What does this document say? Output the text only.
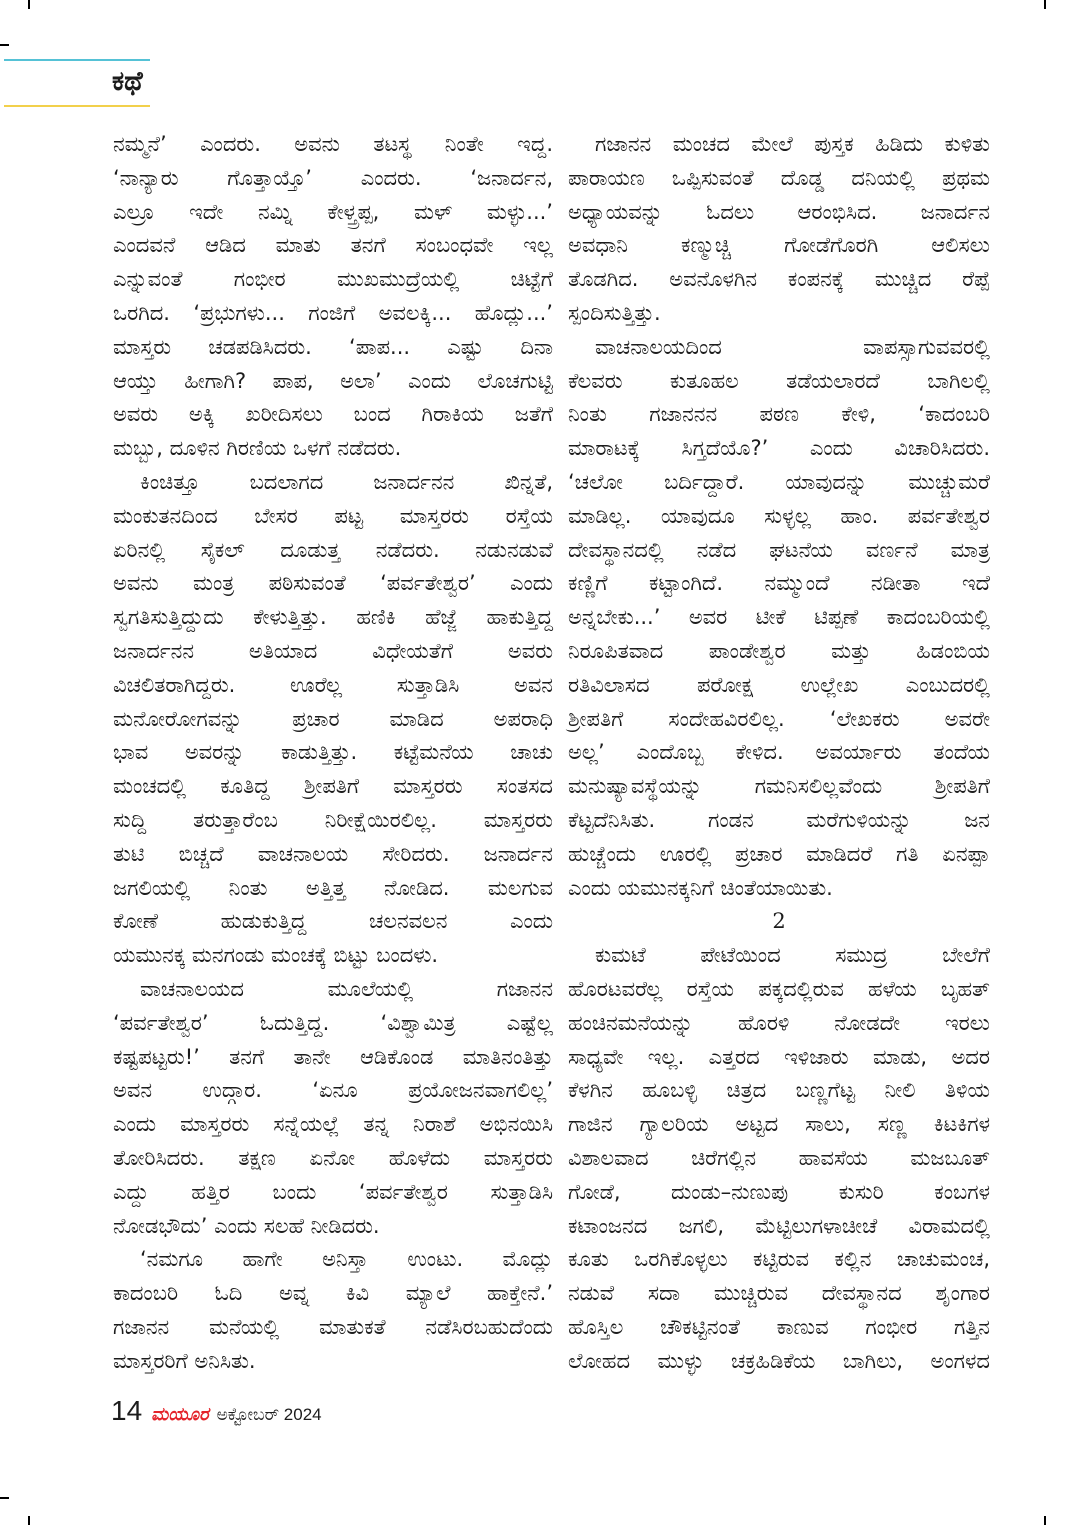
ಕಥೆ
ನಮ್ಮನೆ’ ಎಂದರು. ಅವನು ತಟಸ್ಥ ನಿಂತೇ ಇದ್ದ.
‘ನಾನ್ಯಾರು ಗೊತ್ತಾಯ್ತೊ’ ಎಂದರು. ‘ಜನಾರ್ದನ,
ಎಲ್ರೂ ಇದೇ ನಮ್ನಿ ಕೇಳ್ತ್ರಪ್ಪ, ಮಳ್ ಮಳ್ಳು...’
ಎಂದವನೆ ಆಡಿದ ಮಾತು ತನಗೆ ಸಂಬಂಧವೇ ಇಲ್ಲ
ಎನ್ನುವಂತೆ ಗಂಭೀರ ಮುಖಮುದ್ರೆಯಲ್ಲಿ ಚಿಟ್ಟೆಗೆ
ಒರಗಿದ. ‘ಪ್ರಭುಗಳು... ಗಂಜಿಗೆ ಅವಲಕ್ಕಿ... ಹೊದ್ಲು...’
ಮಾಸ್ತರು ಚಡಪಡಿಸಿದರು. ‘ಪಾಪ... ಎಷ್ಟು ದಿನಾ
ಆಯ್ತು ಹೀಗಾಗಿ? ಪಾಪ, ಅಲಾ’ ಎಂದು ಲೊಚಗುಟ್ಟಿ
ಅವರು ಅಕ್ಕಿ ಖರೀದಿಸಲು ಬಂದ ಗಿರಾಕಿಯ ಜತೆಗೆ
ಮಬ್ಬು, ದೂಳಿನ ಗಿರಣಿಯ ಒಳಗೆ ನಡೆದರು.
ಕಿಂಚಿತ್ತೂ ಬದಲಾಗದ ಜನಾರ್ದನನ ಖಿನ್ನತೆ,
ಮಂಕುತನದಿಂದ ಬೇಸರ ಪಟ್ಟ ಮಾಸ್ತರರು ರಸ್ತೆಯ
ಏರಿನಲ್ಲಿ ಸೈಕಲ್ ದೂಡುತ್ತ ನಡೆದರು. ನಡುನಡುವೆ
ಅವನು ಮಂತ್ರ ಪಠಿಸುವಂತೆ ‘ಪರ್ವತೇಶ್ವರ’ ಎಂದು
ಸ್ವಗತಿಸುತ್ತಿದ್ದುದು ಕೇಳುತ್ತಿತ್ತು. ಹಣಿಕಿ ಹೆಜ್ಜೆ ಹಾಕುತ್ತಿದ್ದ
ಜನಾರ್ದನನ ಅತಿಯಾದ ವಿಧೇಯತೆಗೆ ಅವರು
ವಿಚಲಿತರಾಗಿದ್ದರು. ಊರೆಲ್ಲ ಸುತ್ತಾಡಿಸಿ ಅವನ
ಮನೋರೋಗವನ್ನು ಪ್ರಚಾರ ಮಾಡಿದ ಅಪರಾಧಿ
ಭಾವ ಅವರನ್ನು ಕಾಡುತ್ತಿತ್ತು. ಕಟ್ಟೆಮನೆಯ ಚಾಚು
ಮಂಚದಲ್ಲಿ ಕೂತಿದ್ದ ಶ್ರೀಪತಿಗೆ ಮಾಸ್ತರರು ಸಂತಸದ
ಸುದ್ದಿ ತರುತ್ತಾರೆಂಬ ನಿರೀಕ್ಷೆಯಿರಲಿಲ್ಲ. ಮಾಸ್ತರರು
ತುಟಿ ಬಿಚ್ಚದೆ ವಾಚನಾಲಯ ಸೇರಿದರು. ಜನಾರ್ದನ
ಜಗಲಿಯಲ್ಲಿ ನಿಂತು ಅತ್ತಿತ್ತ ನೋಡಿದ. ಮಲಗುವ
ಕೋಣೆ ಹುಡುಕುತ್ತಿದ್ದ ಚಲನವಲನ ಎಂದು
ಯಮುನಕ್ಕ ಮನಗಂಡು ಮಂಚಕ್ಕೆ ಬಿಟ್ಟು ಬಂದಳು.
ವಾಚನಾಲಯದ ಮೂಲೆಯಲ್ಲಿ ಗಜಾನನ
‘ಪರ್ವತೇಶ್ವರ’ ಓದುತ್ತಿದ್ದ. ‘ವಿಶ್ವಾಮಿತ್ರ ಎಷ್ಟೆಲ್ಲ
ಕಷ್ಟಪಟ್ಟರು!’ ತನಗೆ ತಾನೇ ಆಡಿಕೊಂಡ ಮಾತಿನಂತಿತ್ತು
ಅವನ ಉದ್ಗಾರ. ‘ಏನೂ ಪ್ರಯೋಜನವಾಗಲಿಲ್ಲ’
ಎಂದು ಮಾಸ್ತರರು ಸನ್ನೆಯಲ್ಲೆ ತನ್ನ ನಿರಾಶೆ ಅಭಿನಯಿಸಿ
ತೋರಿಸಿದರು. ತಕ್ಷಣ ಏನೋ ಹೊಳೆದು ಮಾಸ್ತರರು
ಎದ್ದು ಹತ್ತಿರ ಬಂದು ‘ಪರ್ವತೇಶ್ವರ ಸುತ್ತಾಡಿಸಿ
ನೋಡಭೌದು’ ಎಂದು ಸಲಹೆ ನೀಡಿದರು.
‘ನಮಗೂ ಹಾಗೇ ಅನಿಸ್ತಾ ಉಂಟು. ಮೊದ್ಲು
ಕಾದಂಬರಿ ಓದಿ ಅವ್ನ ಕಿವಿ ಮ್ಯಾಲೆ ಹಾಕ್ತೇನೆ.’
ಗಜಾನನ ಮನೆಯಲ್ಲಿ ಮಾತುಕತೆ ನಡೆಸಿರಬಹುದೆಂದು
ಮಾಸ್ತರರಿಗೆ ಅನಿಸಿತು.
ಗಜಾನನ ಮಂಚದ ಮೇಲೆ ಪುಸ್ತಕ ಹಿಡಿದು ಕುಳಿತು
ಪಾರಾಯಣ ಒಪ್ಪಿಸುವಂತೆ ದೊಡ್ಡ ದನಿಯಲ್ಲಿ ಪ್ರಥಮ
ಅಧ್ಯಾಯವನ್ನು ಓದಲು ಆರಂಭಿಸಿದ. ಜನಾರ್ದನ
ಅವಧಾನಿ ಕಣ್ಮುಚ್ಚಿ ಗೋಡೆಗೊರಗಿ ಆಲಿಸಲು
ತೊಡಗಿದ. ಅವನೊಳಗಿನ ಕಂಪನಕ್ಕೆ ಮುಚ್ಚಿದ ರೆಪ್ಪೆ
ಸ್ಪಂದಿಸುತ್ತಿತ್ತು.
ವಾಚನಾಲಯದಿಂದ ವಾಪಸ್ಸಾಗುವವರಲ್ಲಿ
ಕೆಲವರು ಕುತೂಹಲ ತಡೆಯಲಾರದೆ ಬಾಗಿಲಲ್ಲಿ
ನಿಂತು ಗಜಾನನನ ಪಠಣ ಕೇಳಿ, ‘ಕಾದಂಬರಿ
ಮಾರಾಟಕ್ಕೆ ಸಿಗ್ತದೆಯೊ?’ ಎಂದು ವಿಚಾರಿಸಿದರು.
‘ಚಲೋ ಬರ್ದಿದ್ದಾರೆ. ಯಾವುದನ್ನು ಮುಚ್ಚುಮರೆ
ಮಾಡಿಲ್ಲ. ಯಾವುದೂ ಸುಳ್ಳಲ್ಲ ಹಾಂ. ಪರ್ವತೇಶ್ವರ
ದೇವಸ್ಥಾನದಲ್ಲಿ ನಡೆದ ಘಟನೆಯ ವರ್ಣನೆ ಮಾತ್ರ
ಕಣ್ಣಿಗೆ ಕಟ್ಟಾಂಗಿದೆ. ನಮ್ಮುಂದೆ ನಡೀತಾ ಇದೆ
ಅನ್ನಬೇಕು...’ ಅವರ ಟೀಕೆ ಟಿಪ್ಪಣೆ ಕಾದಂಬರಿಯಲ್ಲಿ
ನಿರೂಪಿತವಾದ ಪಾಂಡೇಶ್ವರ ಮತ್ತು ಹಿಡಂಬಿಯ
ರತಿವಿಲಾಸದ ಪರೋಕ್ಷ ಉಲ್ಲೇಖ ಎಂಬುದರಲ್ಲಿ
ಶ್ರೀಪತಿಗೆ ಸಂದೇಹವಿರಲಿಲ್ಲ. ‘ಲೇಖಕರು ಅವರೇ
ಅಲ್ಲ’ ಎಂದೊಬ್ಬ ಕೇಳಿದ. ಅವರ್ಯಾರು ತಂದೆಯ
ಮನುಷ್ಯಾವಸ್ಥೆಯನ್ನು ಗಮನಿಸಲಿಲ್ಲವೆಂದು ಶ್ರೀಪತಿಗೆ
ಕೆಟ್ಟದೆನಿಸಿತು. ಗಂಡನ ಮರೆಗುಳಿಯನ್ನು ಜನ
ಹುಚ್ಚೆಂದು ಊರಲ್ಲಿ ಪ್ರಚಾರ ಮಾಡಿದರೆ ಗತಿ ಏನಪ್ಪಾ
ಎಂದು ಯಮುನಕ್ಕನಿಗೆ ಚಿಂತೆಯಾಯಿತು.
2
ಕುಮಟೆ ಪೇಟೆಯಿಂದ ಸಮುದ್ರ ಬೇಲೆಗೆ
ಹೊರಟವರೆಲ್ಲ ರಸ್ತೆಯ ಪಕ್ಕದಲ್ಲಿರುವ ಹಳೆಯ ಬೃಹತ್
ಹಂಚಿನಮನೆಯನ್ನು ಹೊರಳಿ ನೋಡದೇ ಇರಲು
ಸಾಧ್ಯವೇ ಇಲ್ಲ. ಎತ್ತರದ ಇಳಿಜಾರು ಮಾಡು, ಅದರ
ಕೆಳಗಿನ ಹೂಬಳ್ಳಿ ಚಿತ್ರದ ಬಣ್ಣಗೆಟ್ಟ ನೀಲಿ ತಿಳಿಯ
ಗಾಜಿನ ಗ್ಯಾಲರಿಯ ಅಟ್ಟದ ಸಾಲು, ಸಣ್ಣ ಕಿಟಕಿಗಳ
ವಿಶಾಲವಾದ ಚಿರೆಗಲ್ಲಿನ ಹಾವಸೆಯ ಮಜಬೂತ್
ಗೋಡೆ, ದುಂಡು–ನುಣುಪು ಕುಸುರಿ ಕಂಬಗಳ
ಕಟಾಂಜನದ ಜಗಲಿ, ಮೆಟ್ಟಿಲುಗಳಾಚೀಚೆ ವಿರಾಮದಲ್ಲಿ
ಕೂತು ಒರಗಿಕೊಳ್ಳಲು ಕಟ್ಟಿರುವ ಕಲ್ಲಿನ ಚಾಚುಮಂಚ,
ನಡುವೆ ಸದಾ ಮುಚ್ಚಿರುವ ದೇವಸ್ಥಾನದ ಶೃಂಗಾರ
ಹೊಸ್ತಿಲ ಚೌಕಟ್ಟಿನಂತೆ ಕಾಣುವ ಗಂಭೀರ ಗತ್ತಿನ
ಲೋಹದ ಮುಳ್ಳು ಚಕ್ರಹಿಡಿಕೆಯ ಬಾಗಿಲು, ಅಂಗಳದ
14 ಮಯೂರ ಅಕ್ಟೋಬರ್ 2024
